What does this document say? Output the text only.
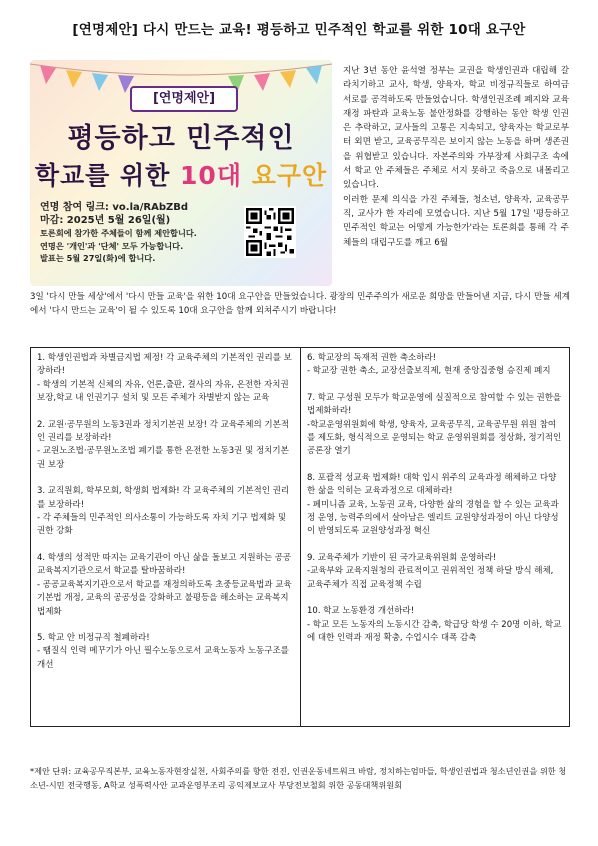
[연명제안] 다시 만드는 교육! 평등하고 민주적인 학교를 위한 10대 요구안
[연명제안]
평등하고 민주적인
학교를 위한 10대 요구안
연명 참여 링크: vo.la/RAbZBd
마감: 2025년 5월 26일(월)
토론회에 참가한 주체들이 함께 제안합니다.
연명은 '개인'과 '단체' 모두 가능합니다.
발표는 5월 27일(화)에 합니다.

지난 3년 동안 윤석열 정부는 교권을 학생인권과 대립해 갈라치기하고 교사, 학생, 양육자, 학교 비정규직들로 하여금 서로를 공격하도록 만들었습니다. 학생인권조례 폐지와 교육재정 파탄과 교육노동 불안정화를 강행하는 동안 학생 인권은 추락하고, 교사들의 고통은 지속되고, 양육자는 학교로부터 외면 받고, 교육공무직은 보이지 않는 노동을 하며 생존권을 위협받고 있습니다. 자본주의와 가부장제 사회구조 속에서 학교 안 주체들은 주체로 서지 못하고 죽음으로 내몰리고 있습니다.

이러한 문제 의식을 가진 주체들, 청소년, 양육자, 교육공무직, 교사가 한 자리에 모였습니다. 지난 5월 17일 '평등하고 민주적인 학교는 어떻게 가능한가'라는 토론회를 통해 각 주체들의 대립구도를 깨고 6월

3일 '다시 만들 세상'에서 '다시 만들 교육'을 위한 10대 요구안을 만들었습니다. 광장의 민주주의가 새로운 희망을 만들어낸 지금, 다시 만들 세계에서 '다시 만드는 교육'이 될 수 있도록 10대 요구안을 함께 외쳐주시기 바랍니다!

1. 학생인권법과 차별금지법 제정! 각 교육주체의 기본적인 권리를 보장하라!
- 학생의 기본적 신체의 자유, 언론,출판, 결사의 자유, 온전한 자치권 보장,학교 내 인권기구 설치 및 모든 주체가 차별받지 않는 교육
2. 교원·공무원의 노동3권과 정치기본권 보장! 각 교육주체의 기본적인 권리를 보장하라!
- 교원노조법·공무원노조법 폐기를 통한 온전한 노동3권 및 정치기본권 보장
3. 교직원회, 학부모회, 학생회 법제화! 각 교육주체의 기본적인 권리를 보장하라!
- 각 주체들의 민주적인 의사소통이 가능하도록 자치 기구 법제화 및 권한 강화
4. 학생의 성적만 따지는 교육기관이 아닌 삶을 돌보고 지원하는 공공교육복지기관으로서 학교를 탈바꿈하라!
- 공공교육복지기관으로서 학교를 재정의하도록 초중등교육법과 교육기본법 개정, 교육의 공공성을 강화하고 불평등을 해소하는 교육복지 법제화
5. 학교 안 비정규직 철폐하라!
- 땜질식 인력 메꾸기가 아닌 필수노동으로서 교육노동자 노동구조를 개선
6. 학교장의 독재적 권한 축소하라!
- 학교장 권한 축소, 교장선출보직제, 현재 중앙집중형 승진제 폐지
7. 학교 구성원 모두가 학교운영에 실질적으로 참여할 수 있는 권한을 법제화하라!
-학교운영위원회에 학생, 양육자, 교육공무직, 교육공무원 위원 참여를 제도화, 형식적으로 운영되는 학교 운영위원회를 정상화, 정기적인 공론장 열기
8. 포괄적 성교육 법제화! 대학 입시 위주의 교육과정 해체하고 다양한 삶을 익히는 교육과정으로 대체하라!
- 페미니즘 교육, 노동권 교육, 다양한 삶의 경험을 할 수 있는 교육과정 운영, 능력주의에서 살아남은 엘리트 교원양성과정이 아닌 다양성이 반영되도록 교원양성과정 혁신
9. 교육주체가 기반이 된 국가교육위원회 운영하라!
-교육부와 교육지원청의 관료적이고 권위적인 정책 하달 방식 해체, 교육주체가 직접 교육정책 수립
10. 학교 노동환경 개선하라!
- 학교 모든 노동자의 노동시간 감축, 학급당 학생 수 20명 이하, 학교에 대한 인력과 재정 확충, 수업시수 대폭 감축
*제안 단위: 교육공무직본부, 교육노동자현장실천, 사회주의를 향한 전진, 인권운동네트워크 바람, 정치하는엄마들, 학생인권법과 청소년인권을 위한 청소년-시민 전국행동, A학교 성폭력사안 교과운영부조리 공익제보교사 부당전보철회 위한 공동대책위원회
